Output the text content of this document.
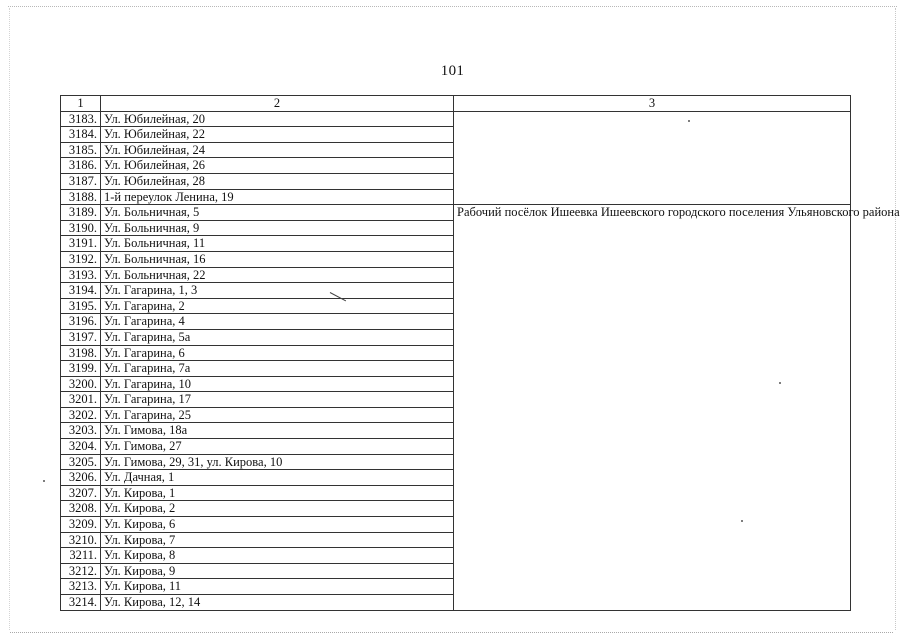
101
1	2	3
3183.	Ул. Юбилейная, 20	
3184.	Ул. Юбилейная, 22	
3185.	Ул. Юбилейная, 24	
3186.	Ул. Юбилейная, 26	
3187.	Ул. Юбилейная, 28	
3188.	1-й переулок Ленина, 19	
3189.	Ул. Больничная, 5	Рабочий посёлок Ишеевка Ишеевского городского поселения Ульяновского района
3190.	Ул. Больничная, 9	
3191.	Ул. Больничная, 11	
3192.	Ул. Больничная, 16	
3193.	Ул. Больничная, 22	
3194.	Ул. Гагарина, 1, 3	
3195.	Ул. Гагарина, 2	
3196.	Ул. Гагарина, 4	
3197.	Ул. Гагарина, 5а	
3198.	Ул. Гагарина, 6	
3199.	Ул. Гагарина, 7а	
3200.	Ул. Гагарина, 10	
3201.	Ул. Гагарина, 17	
3202.	Ул. Гагарина, 25	
3203.	Ул. Гимова, 18а	
3204.	Ул. Гимова, 27	
3205.	Ул. Гимова, 29, 31, ул. Кирова, 10	
3206.	Ул. Дачная, 1	
3207.	Ул. Кирова, 1	
3208.	Ул. Кирова, 2	
3209.	Ул. Кирова, 6	
3210.	Ул. Кирова, 7	
3211.	Ул. Кирова, 8	
3212.	Ул. Кирова, 9	
3213.	Ул. Кирова, 11	
3214.	Ул. Кирова, 12, 14	
